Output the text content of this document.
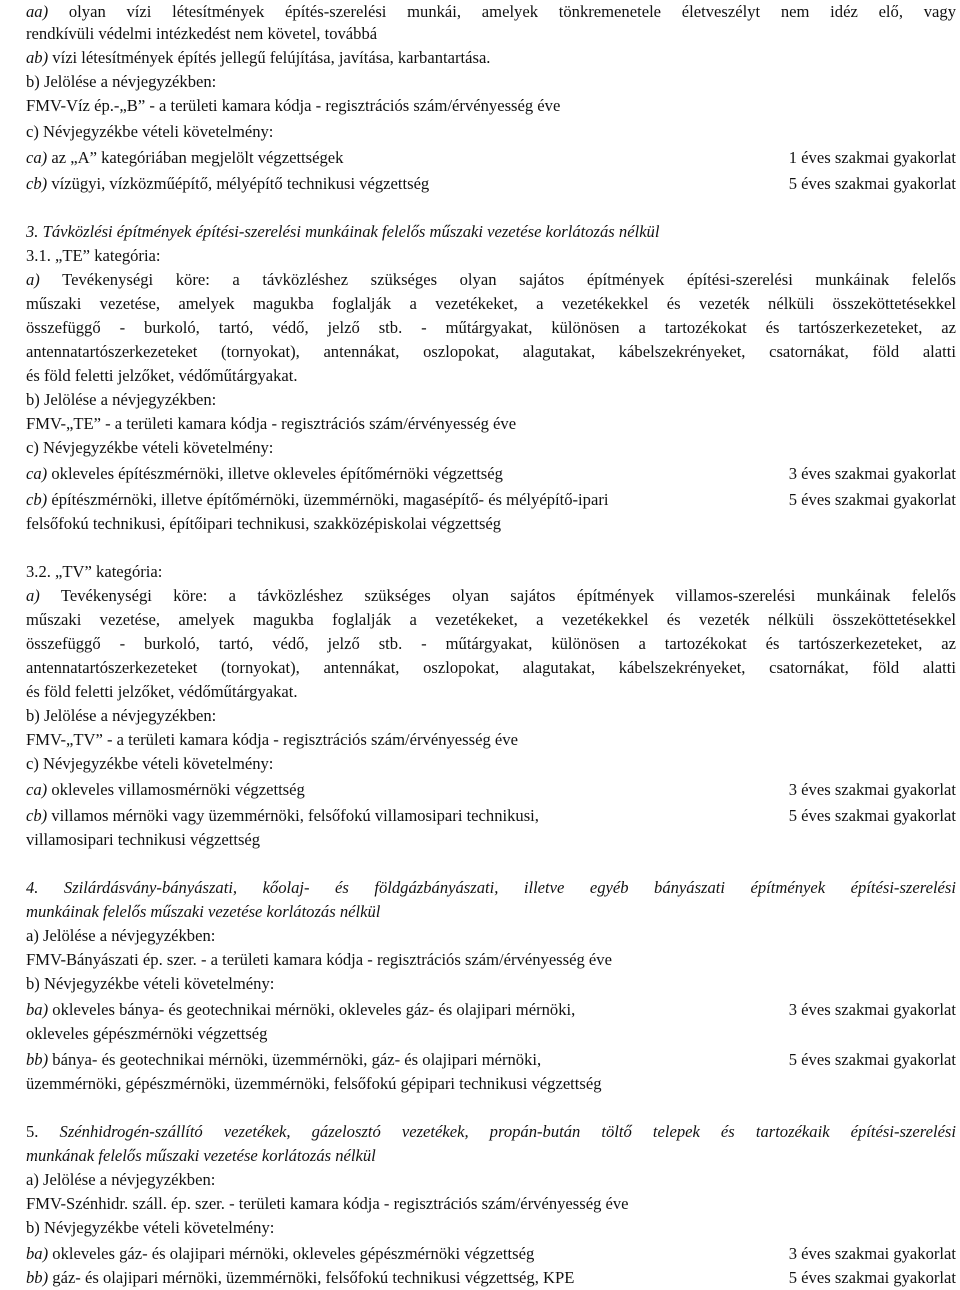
aa) olyan vízi létesítmények építés-szerelési munkái, amelyek tönkremenetele életveszélyt nem idéz elő, vagy
rendkívüli védelmi intézkedést nem követel, továbbá
ab) vízi létesítmények építés jellegű felújítása, javítása, karbantartása.
b) Jelölése a névjegyzékben:
FMV-Víz ép.-„B” - a területi kamara kódja - regisztrációs szám/érvényesség éve
c) Névjegyzékbe vételi követelmény:
ca) az „A” kategóriában megjelölt végzettségek	1 éves szakmai gyakorlat
cb) vízügyi, vízközműépítő, mélyépítő technikusi végzettség	5 éves szakmai gyakorlat
3. Távközlési építmények építési-szerelési munkáinak felelős műszaki vezetése korlátozás nélkül
3.1. „TE” kategória:
a) Tevékenységi köre: a távközléshez szükséges olyan sajátos építmények építési-szerelési munkáinak felelős
műszaki vezetése, amelyek magukba foglalják a vezetékeket, a vezetékekkel és vezeték nélküli összeköttetésekkel
összefüggő - burkoló, tartó, védő, jelző stb. - műtárgyakat, különösen a tartozékokat és tartószerkezeteket, az
antennatartószerkezeteket (tornyokat), antennákat, oszlopokat, alagutakat, kábelszekrényeket, csatornákat, föld alatti
és föld feletti jelzőket, védőműtárgyakat.
b) Jelölése a névjegyzékben:
FMV-„TE” - a területi kamara kódja - regisztrációs szám/érvényesség éve
c) Névjegyzékbe vételi követelmény:
ca) okleveles építészmérnöki, illetve okleveles építőmérnöki végzettség	3 éves szakmai gyakorlat
cb) építészmérnöki, illetve építőmérnöki, üzemmérnöki, magasépítő- és mélyépítő-ipari	5 éves szakmai gyakorlat
felsőfokú technikusi, építőipari technikusi, szakközépiskolai végzettség
3.2. „TV” kategória:
a) Tevékenységi köre: a távközléshez szükséges olyan sajátos építmények villamos-szerelési munkáinak felelős
műszaki vezetése, amelyek magukba foglalják a vezetékeket, a vezetékekkel és vezeték nélküli összeköttetésekkel
összefüggő - burkoló, tartó, védő, jelző stb. - műtárgyakat, különösen a tartozékokat és tartószerkezeteket, az
antennatartószerkezeteket (tornyokat), antennákat, oszlopokat, alagutakat, kábelszekrényeket, csatornákat, föld alatti
és föld feletti jelzőket, védőműtárgyakat.
b) Jelölése a névjegyzékben:
FMV-„TV” - a területi kamara kódja - regisztrációs szám/érvényesség éve
c) Névjegyzékbe vételi követelmény:
ca) okleveles villamosmérnöki végzettség	3 éves szakmai gyakorlat
cb) villamos mérnöki vagy üzemmérnöki, felsőfokú villamosipari technikusi,	5 éves szakmai gyakorlat
villamosipari technikusi végzettség
4. Szilárdásvány-bányászati, kőolaj- és földgázbányászati, illetve egyéb bányászati építmények építési-szerelési
munkáinak felelős műszaki vezetése korlátozás nélkül
a) Jelölése a névjegyzékben:
FMV-Bányászati ép. szer. - a területi kamara kódja - regisztrációs szám/érvényesség éve
b) Névjegyzékbe vételi követelmény:
ba) okleveles bánya- és geotechnikai mérnöki, okleveles gáz- és olajipari mérnöki,	3 éves szakmai gyakorlat
okleveles gépészmérnöki végzettség
bb) bánya- és geotechnikai mérnöki, üzemmérnöki, gáz- és olajipari mérnöki,	5 éves szakmai gyakorlat
üzemmérnöki, gépészmérnöki, üzemmérnöki, felsőfokú gépipari technikusi végzettség
5. Szénhidrogén-szállító vezetékek, gázelosztó vezetékek, propán-bután töltő telepek és tartozékaik építési-szerelési
munkának felelős műszaki vezetése korlátozás nélkül
a) Jelölése a névjegyzékben:
FMV-Szénhidr. száll. ép. szer. - területi kamara kódja - regisztrációs szám/érvényesség éve
b) Névjegyzékbe vételi követelmény:
ba) okleveles gáz- és olajipari mérnöki, okleveles gépészmérnöki végzettség	3 éves szakmai gyakorlat
bb) gáz- és olajipari mérnöki, üzemmérnöki, felsőfokú technikusi végzettség, KPE	5 éves szakmai gyakorlat
